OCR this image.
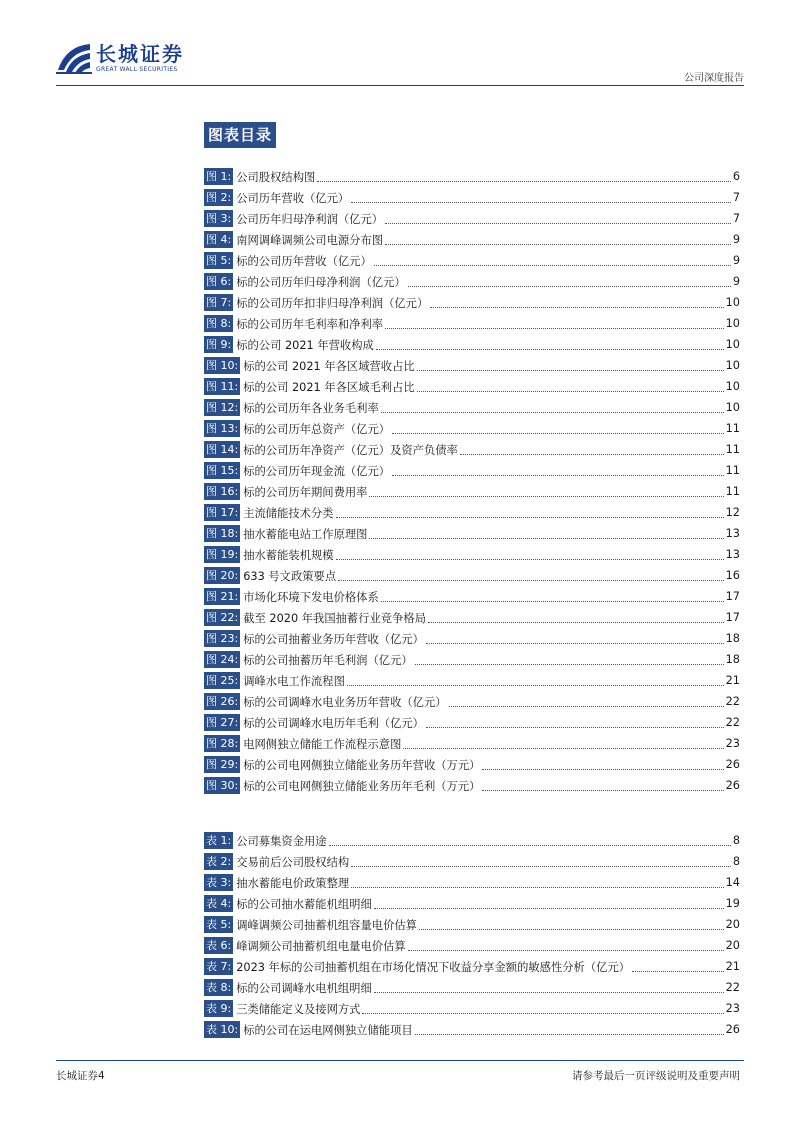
长城证券
GREAT WALL SECURITIES
公司深度报告
图表目录
图 1: 公司股权结构图	6
图 2: 公司历年营收（亿元）	7
图 3: 公司历年归母净利润（亿元）	7
图 4: 南网调峰调频公司电源分布图	9
图 5: 标的公司历年营收（亿元）	9
图 6: 标的公司历年归母净利润（亿元）	9
图 7: 标的公司历年扣非归母净利润（亿元）	10
图 8: 标的公司历年毛利率和净利率	10
图 9: 标的公司 2021 年营收构成	10
图 10: 标的公司 2021 年各区域营收占比	10
图 11: 标的公司 2021 年各区域毛利占比	10
图 12: 标的公司历年各业务毛利率	10
图 13: 标的公司历年总资产（亿元）	11
图 14: 标的公司历年净资产（亿元）及资产负债率	11
图 15: 标的公司历年现金流（亿元）	11
图 16: 标的公司历年期间费用率	11
图 17: 主流储能技术分类	12
图 18: 抽水蓄能电站工作原理图	13
图 19: 抽水蓄能装机规模	13
图 20: 633 号文政策要点	16
图 21: 市场化环境下发电价格体系	17
图 22: 截至 2020 年我国抽蓄行业竞争格局	17
图 23: 标的公司抽蓄业务历年营收（亿元）	18
图 24: 标的公司抽蓄历年毛利润（亿元）	18
图 25: 调峰水电工作流程图	21
图 26: 标的公司调峰水电业务历年营收（亿元）	22
图 27: 标的公司调峰水电历年毛利（亿元）	22
图 28: 电网侧独立储能工作流程示意图	23
图 29: 标的公司电网侧独立储能业务历年营收（万元）	26
图 30: 标的公司电网侧独立储能业务历年毛利（万元）	26
表 1: 公司募集资金用途	8
表 2: 交易前后公司股权结构	8
表 3: 抽水蓄能电价政策整理	14
表 4: 标的公司抽水蓄能机组明细	19
表 5: 调峰调频公司抽蓄机组容量电价估算	20
表 6: 峰调频公司抽蓄机组电量电价估算	20
表 7: 2023 年标的公司抽蓄机组在市场化情况下收益分享金额的敏感性分析（亿元）	21
表 8: 标的公司调峰水电机组明细	22
表 9: 三类储能定义及接网方式	23
表 10: 标的公司在运电网侧独立储能项目	26
长城证券4	请参考最后一页评级说明及重要声明
